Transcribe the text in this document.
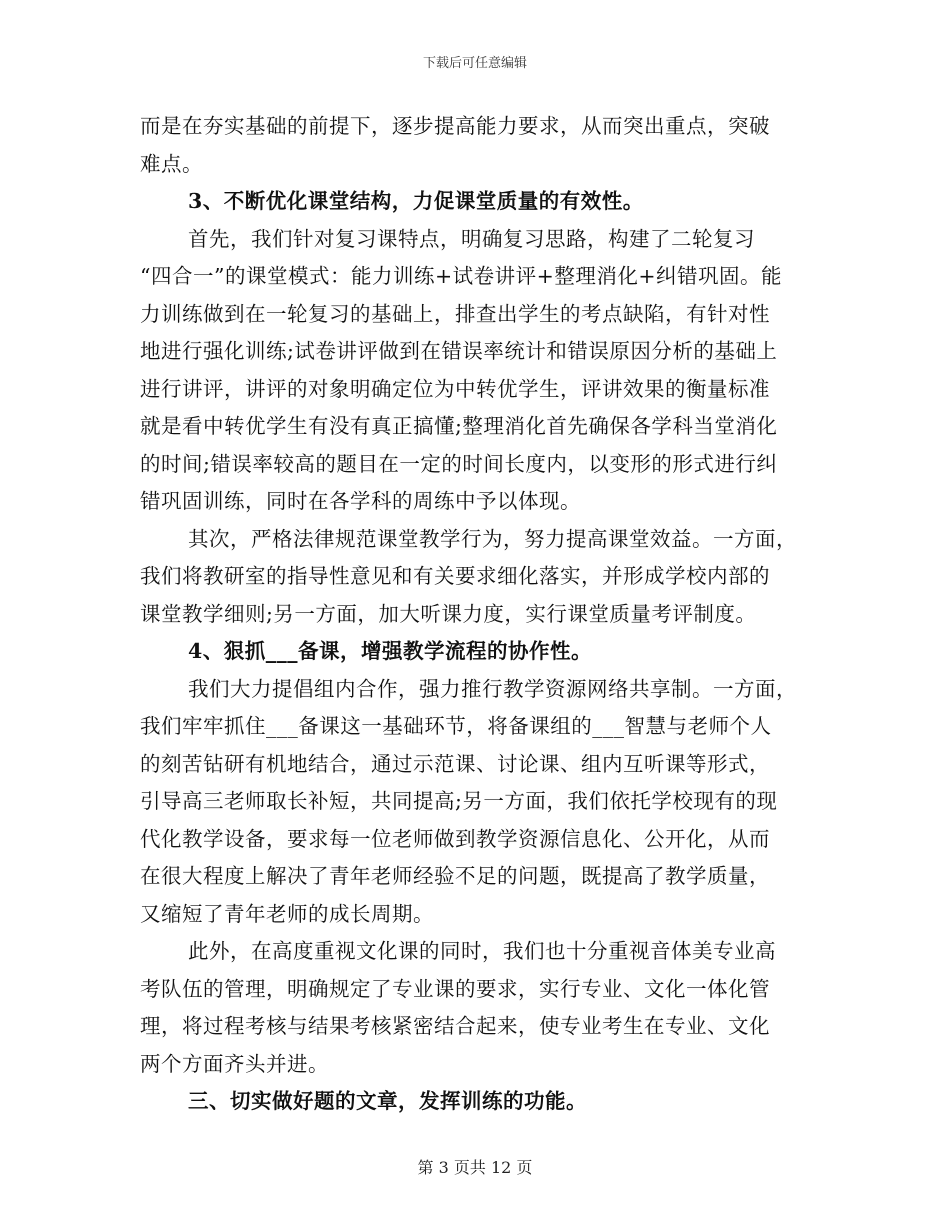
下载后可任意编辑
而是在夯实基础的前提下，逐步提高能力要求，从而突出重点，突破
难点。
3、不断优化课堂结构，力促课堂质量的有效性。
首先，我们针对复习课特点，明确复习思路，构建了二轮复习
“四合一”的课堂模式：能力训练+试卷讲评+整理消化+纠错巩固。能
力训练做到在一轮复习的基础上，排查出学生的考点缺陷，有针对性
地进行强化训练;试卷讲评做到在错误率统计和错误原因分析的基础上
进行讲评，讲评的对象明确定位为中转优学生，评讲效果的衡量标准
就是看中转优学生有没有真正搞懂;整理消化首先确保各学科当堂消化
的时间;错误率较高的题目在一定的时间长度内，以变形的形式进行纠
错巩固训练，同时在各学科的周练中予以体现。
其次，严格法律规范课堂教学行为，努力提高课堂效益。一方面，
我们将教研室的指导性意见和有关要求细化落实，并形成学校内部的
课堂教学细则;另一方面，加大听课力度，实行课堂质量考评制度。
4、狠抓___备课，增强教学流程的协作性。
我们大力提倡组内合作，强力推行教学资源网络共享制。一方面，
我们牢牢抓住___备课这一基础环节，将备课组的___智慧与老师个人
的刻苦钻研有机地结合，通过示范课、讨论课、组内互听课等形式，
引导高三老师取长补短，共同提高;另一方面，我们依托学校现有的现
代化教学设备，要求每一位老师做到教学资源信息化、公开化，从而
在很大程度上解决了青年老师经验不足的问题，既提高了教学质量，
又缩短了青年老师的成长周期。
此外，在高度重视文化课的同时，我们也十分重视音体美专业高
考队伍的管理，明确规定了专业课的要求，实行专业、文化一体化管
理，将过程考核与结果考核紧密结合起来，使专业考生在专业、文化
两个方面齐头并进。
三、切实做好题的文章，发挥训练的功能。
第 3 页共 12 页
